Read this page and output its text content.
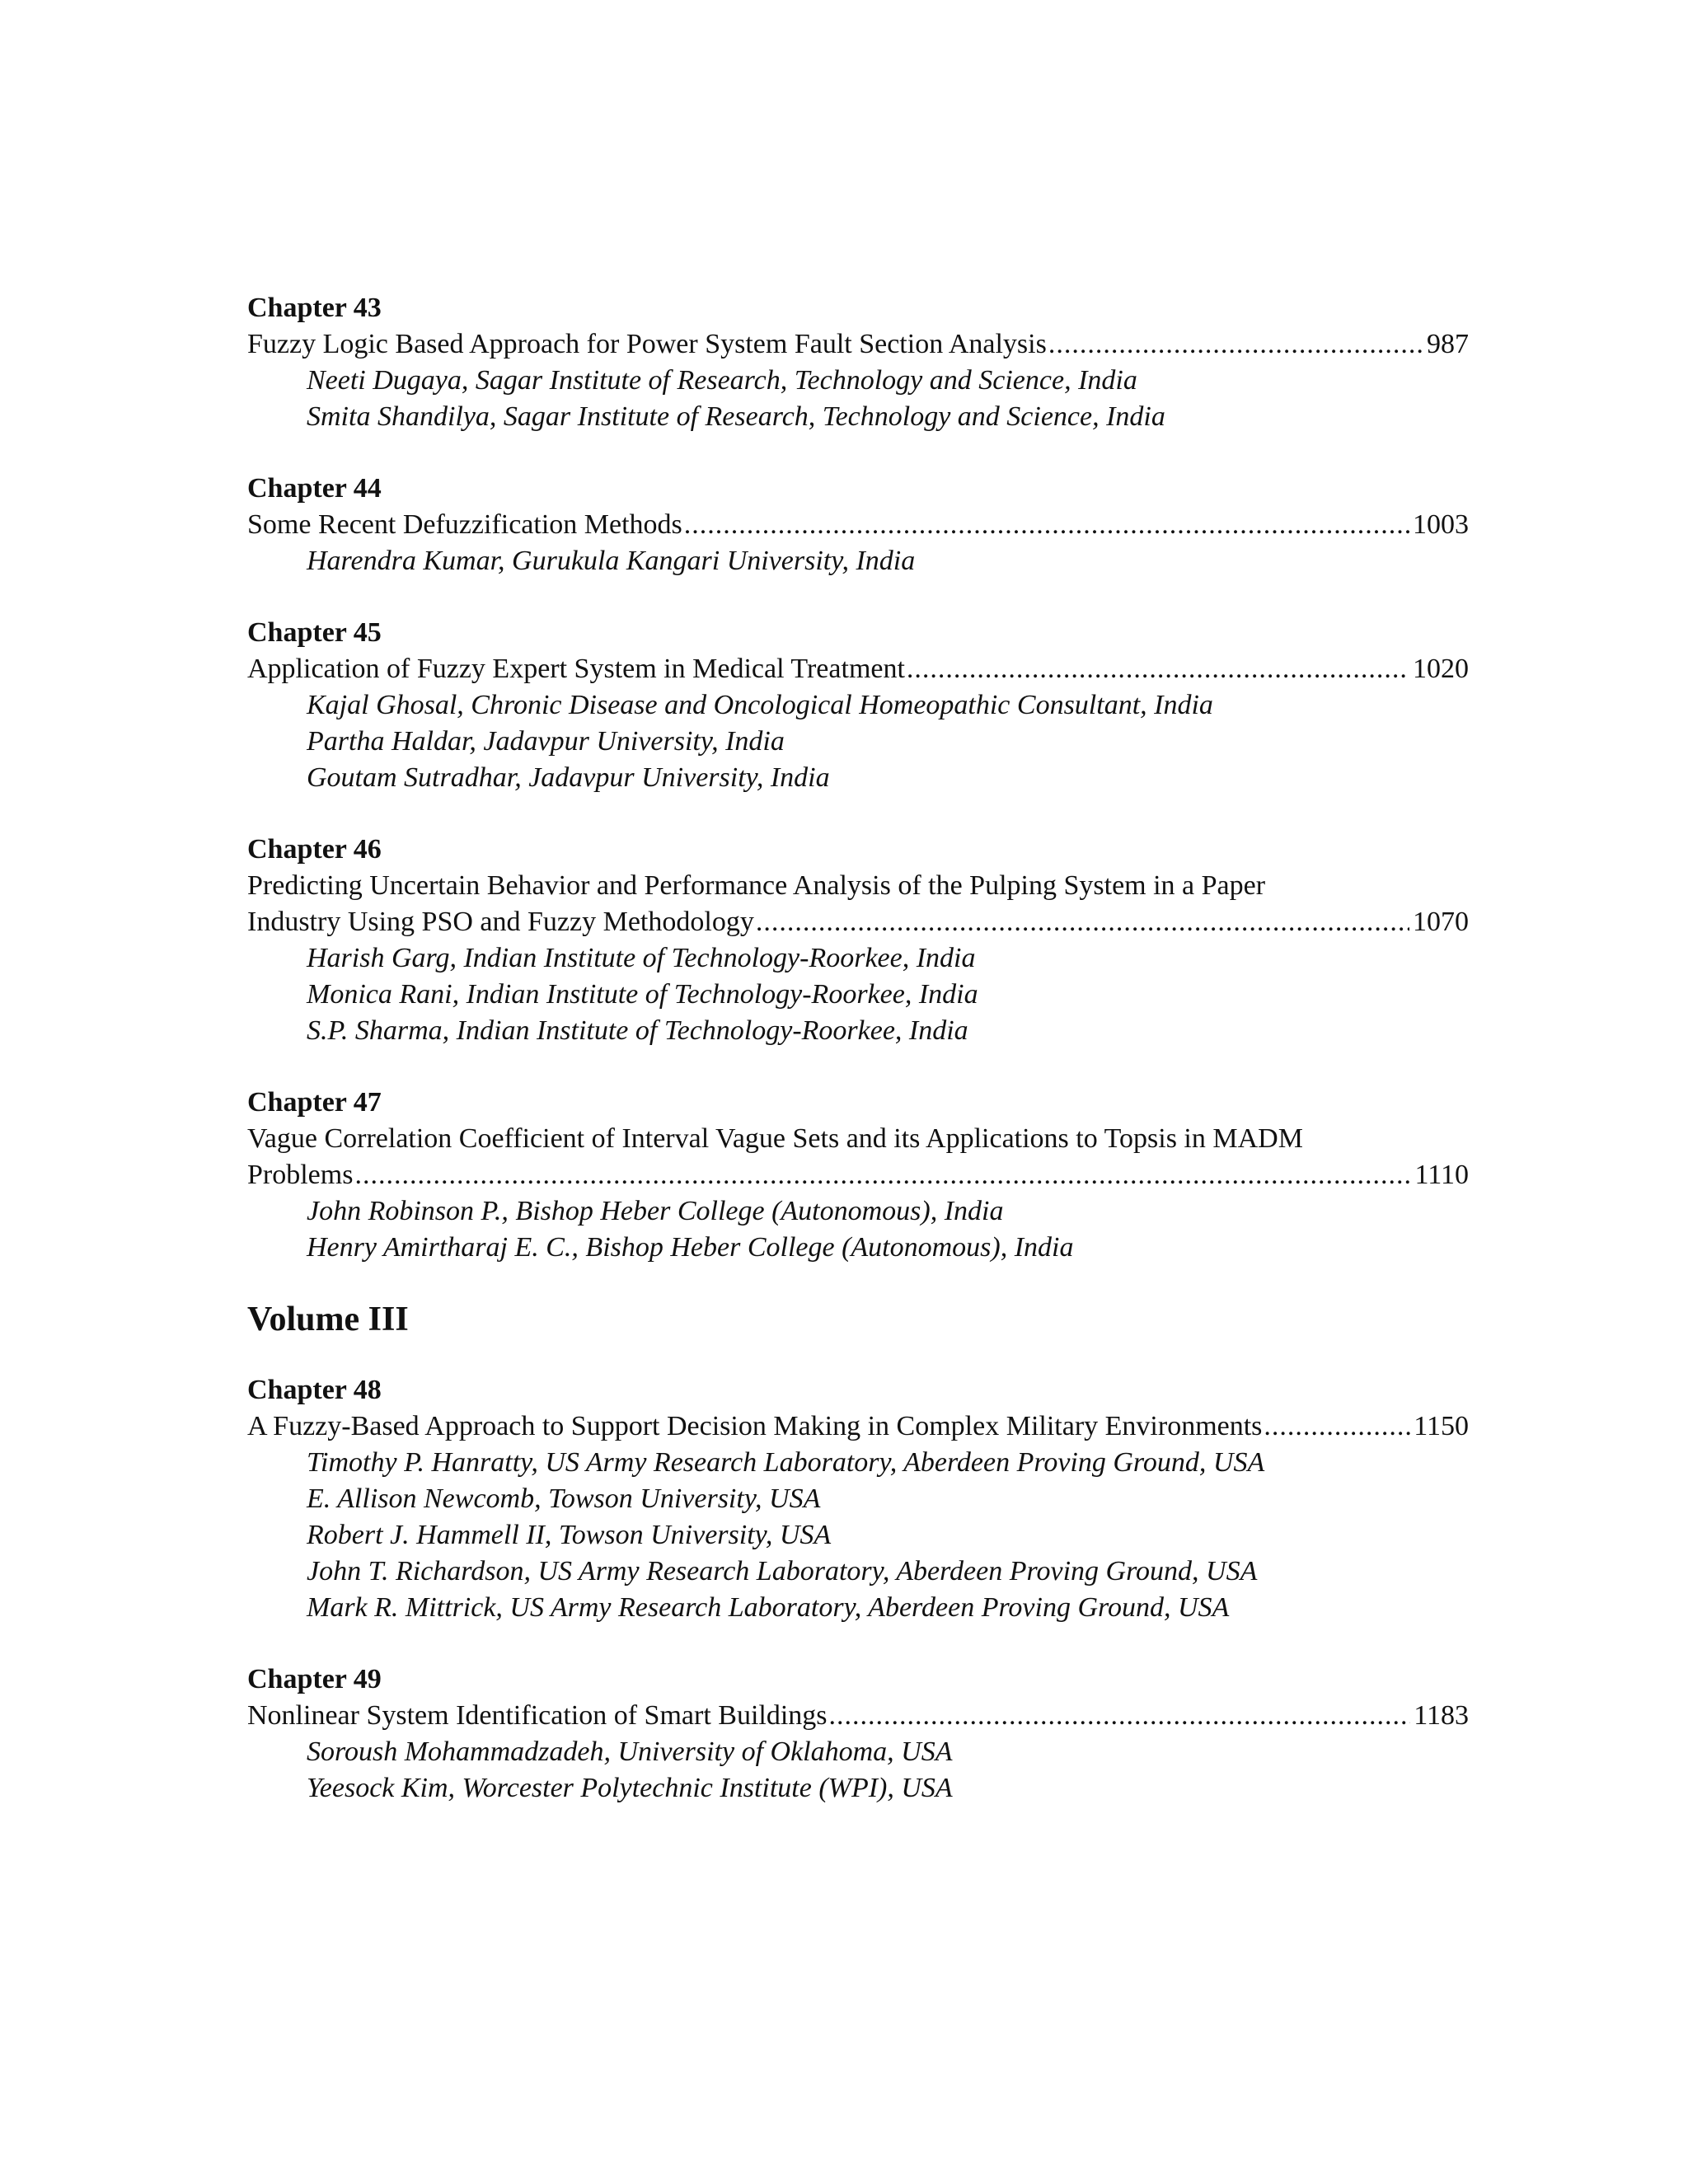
Chapter 43
Fuzzy Logic Based Approach for Power System Fault Section Analysis .....	987
Neeti Dugaya, Sagar Institute of Research, Technology and Science, India
Smita Shandilya, Sagar Institute of Research, Technology and Science, India
Chapter 44
Some Recent Defuzzification Methods .....	1003
Harendra Kumar, Gurukula Kangari University, India
Chapter 45
Application of Fuzzy Expert System in Medical Treatment .....	1020
Kajal Ghosal, Chronic Disease and Oncological Homeopathic Consultant, India
Partha Haldar, Jadavpur University, India
Goutam Sutradhar, Jadavpur University, India
Chapter 46
Predicting Uncertain Behavior and Performance Analysis of the Pulping System in a Paper
Industry Using PSO and Fuzzy Methodology .....	1070
Harish Garg, Indian Institute of Technology-Roorkee, India
Monica Rani, Indian Institute of Technology-Roorkee, India
S.P. Sharma, Indian Institute of Technology-Roorkee, India
Chapter 47
Vague Correlation Coefficient of Interval Vague Sets and its Applications to Topsis in MADM
Problems .....	1110
John Robinson P., Bishop Heber College (Autonomous), India
Henry Amirtharaj E. C., Bishop Heber College (Autonomous), India
Volume III
Chapter 48
A Fuzzy-Based Approach to Support Decision Making in Complex Military Environments .....	1150
Timothy P. Hanratty, US Army Research Laboratory, Aberdeen Proving Ground, USA
E. Allison Newcomb, Towson University, USA
Robert J. Hammell II, Towson University, USA
John T. Richardson, US Army Research Laboratory, Aberdeen Proving Ground, USA
Mark R. Mittrick, US Army Research Laboratory, Aberdeen Proving Ground, USA
Chapter 49
Nonlinear System Identification of Smart Buildings .....	1183
Soroush Mohammadzadeh, University of Oklahoma, USA
Yeesock Kim, Worcester Polytechnic Institute (WPI), USA
